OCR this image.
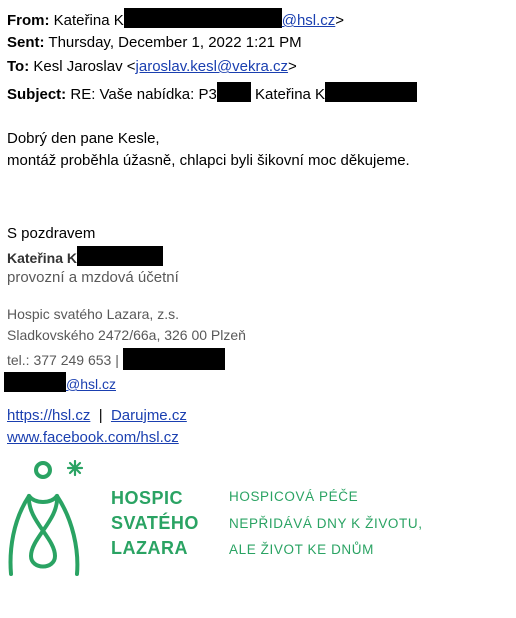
From: Kateřina K	@hsl.cz>
Sent: Thursday, December 1, 2022 1:21 PM
To: Kesl Jaroslav <jaroslav.kesl@vekra.cz>
Subject: RE: Vaše nabídka: P3	Kateřina K
Dobrý den pane Kesle,
montáž proběhla úžasně, chlapci byli šikovní moc děkujeme.
S pozdravem
Kateřina K
provozní a mzdová účetní
Hospic svatého Lazara, z.s.
Sladkovského 2472/66a, 326 00 Plzeň
tel.: 377 249 653 |
@hsl.cz
https://hsl.cz | Darujme.cz
www.facebook.com/hsl.cz
HOSPIC
SVATÉHO
LAZARA
HOSPICOVÁ PÉČE
NEPŘIDÁVÁ DNY K ŽIVOTU,
ALE ŽIVOT KE DNŮM
